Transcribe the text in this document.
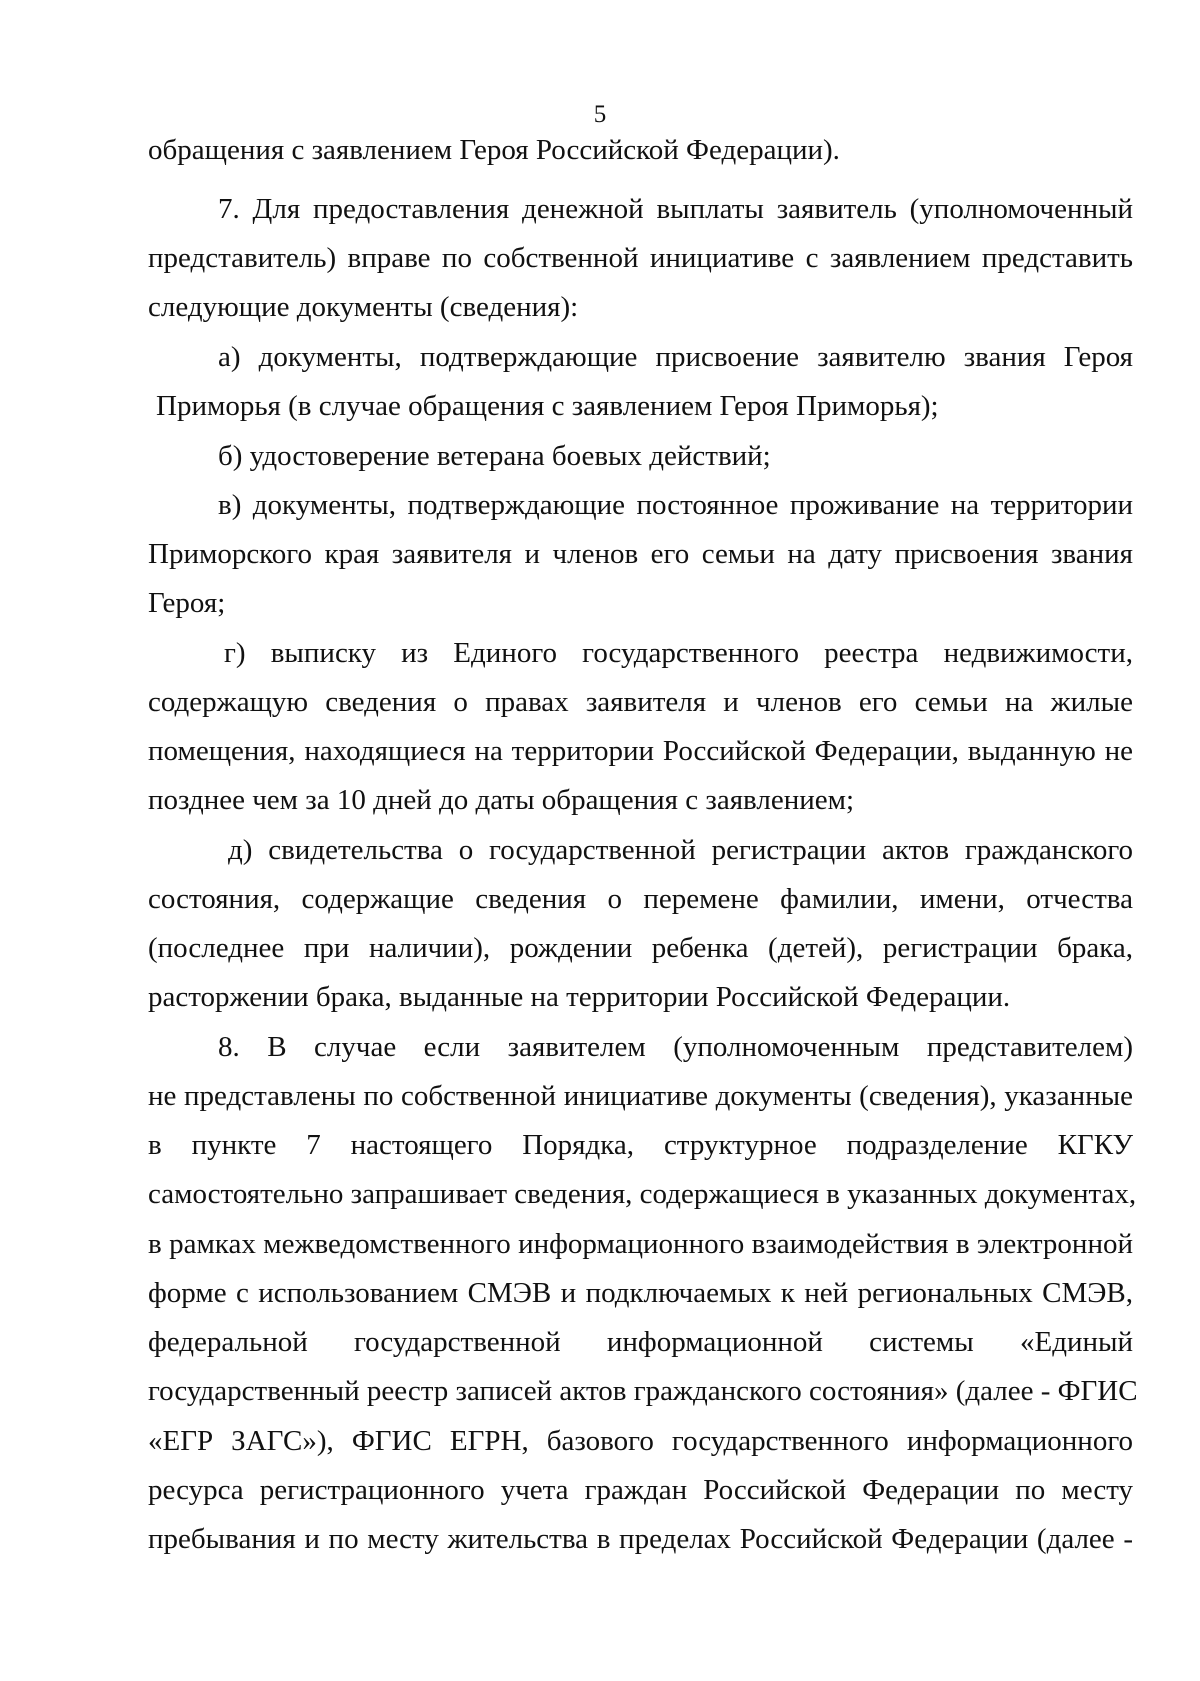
5
обращения с заявлением Героя Российской Федерации).
7. Для предоставления денежной выплаты заявитель (уполномоченный
представитель) вправе по собственной инициативе с заявлением представить
следующие документы (сведения):
а) документы, подтверждающие присвоение заявителю звания Героя
Приморья (в случае обращения с заявлением Героя Приморья);
б) удостоверение ветерана боевых действий;
в) документы, подтверждающие постоянное проживание на территории
Приморского края заявителя и членов его семьи на дату присвоения звания
Героя;
г) выписку из Единого государственного реестра недвижимости,
содержащую сведения о правах заявителя и членов его семьи на жилые
помещения, находящиеся на территории Российской Федерации, выданную не
позднее чем за 10 дней до даты обращения с заявлением;
д) свидетельства о государственной регистрации актов гражданского
состояния, содержащие сведения о перемене фамилии, имени, отчества
(последнее при наличии), рождении ребенка (детей), регистрации брака,
расторжении брака, выданные на территории Российской Федерации.
8. В случае если заявителем (уполномоченным представителем)
не представлены по собственной инициативе документы (сведения), указанные
в пункте 7 настоящего Порядка, структурное подразделение КГКУ
самостоятельно запрашивает сведения, содержащиеся в указанных документах,
в рамках межведомственного информационного взаимодействия в электронной
форме с использованием СМЭВ и подключаемых к ней региональных СМЭВ,
федеральной государственной информационной системы «Единый
государственный реестр записей актов гражданского состояния» (далее - ФГИС
«ЕГР ЗАГС»), ФГИС ЕГРН, базового государственного информационного
ресурса регистрационного учета граждан Российской Федерации по месту
пребывания и по месту жительства в пределах Российской Федерации (далее -
